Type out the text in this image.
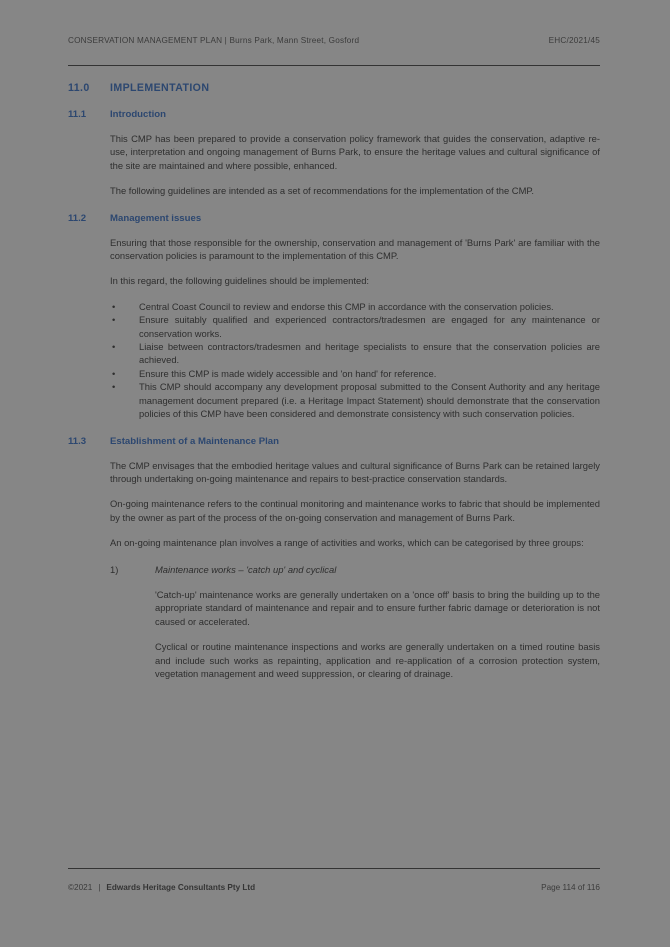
CONSERVATION MANAGEMENT PLAN | Burns Park, Mann Street, Gosford	EHC/2021/45
11.0	IMPLEMENTATION
11.1	Introduction

This CMP has been prepared to provide a conservation policy framework that guides the conservation, adaptive re-use, interpretation and ongoing management of Burns Park, to ensure the heritage values and cultural significance of the site are maintained and where possible, enhanced.

The following guidelines are intended as a set of recommendations for the implementation of the CMP.

11.2	Management issues

Ensuring that those responsible for the ownership, conservation and management of 'Burns Park' are familiar with the conservation policies is paramount to the implementation of this CMP.

In this regard, the following guidelines should be implemented:

•	Central Coast Council to review and endorse this CMP in accordance with the conservation policies.
•	Ensure suitably qualified and experienced contractors/tradesmen are engaged for any maintenance or conservation works.
•	Liaise between contractors/tradesmen and heritage specialists to ensure that the conservation policies are achieved.
•	Ensure this CMP is made widely accessible and 'on hand' for reference.
•	This CMP should accompany any development proposal submitted to the Consent Authority and any heritage management document prepared (i.e. a Heritage Impact Statement) should demonstrate that the conservation policies of this CMP have been considered and demonstrate consistency with such conservation policies.
11.3	Establishment of a Maintenance Plan

The CMP envisages that the embodied heritage values and cultural significance of Burns Park can be retained largely through undertaking on-going maintenance and repairs to best-practice conservation standards.

On-going maintenance refers to the continual monitoring and maintenance works to fabric that should be implemented by the owner as part of the process of the on-going conservation and management of Burns Park.

An on-going maintenance plan involves a range of activities and works, which can be categorised by three groups:

1)	Maintenance works – 'catch up' and cyclical

'Catch-up' maintenance works are generally undertaken on a 'once off' basis to bring the building up to the appropriate standard of maintenance and repair and to ensure further fabric damage or deterioration is not caused or accelerated.

Cyclical or routine maintenance inspections and works are generally undertaken on a timed routine basis and include such works as repainting, application and re-application of a corrosion protection system, vegetation management and weed suppression, or clearing of drainage.

©2021 | Edwards Heritage Consultants Pty Ltd	Page 114 of 116
